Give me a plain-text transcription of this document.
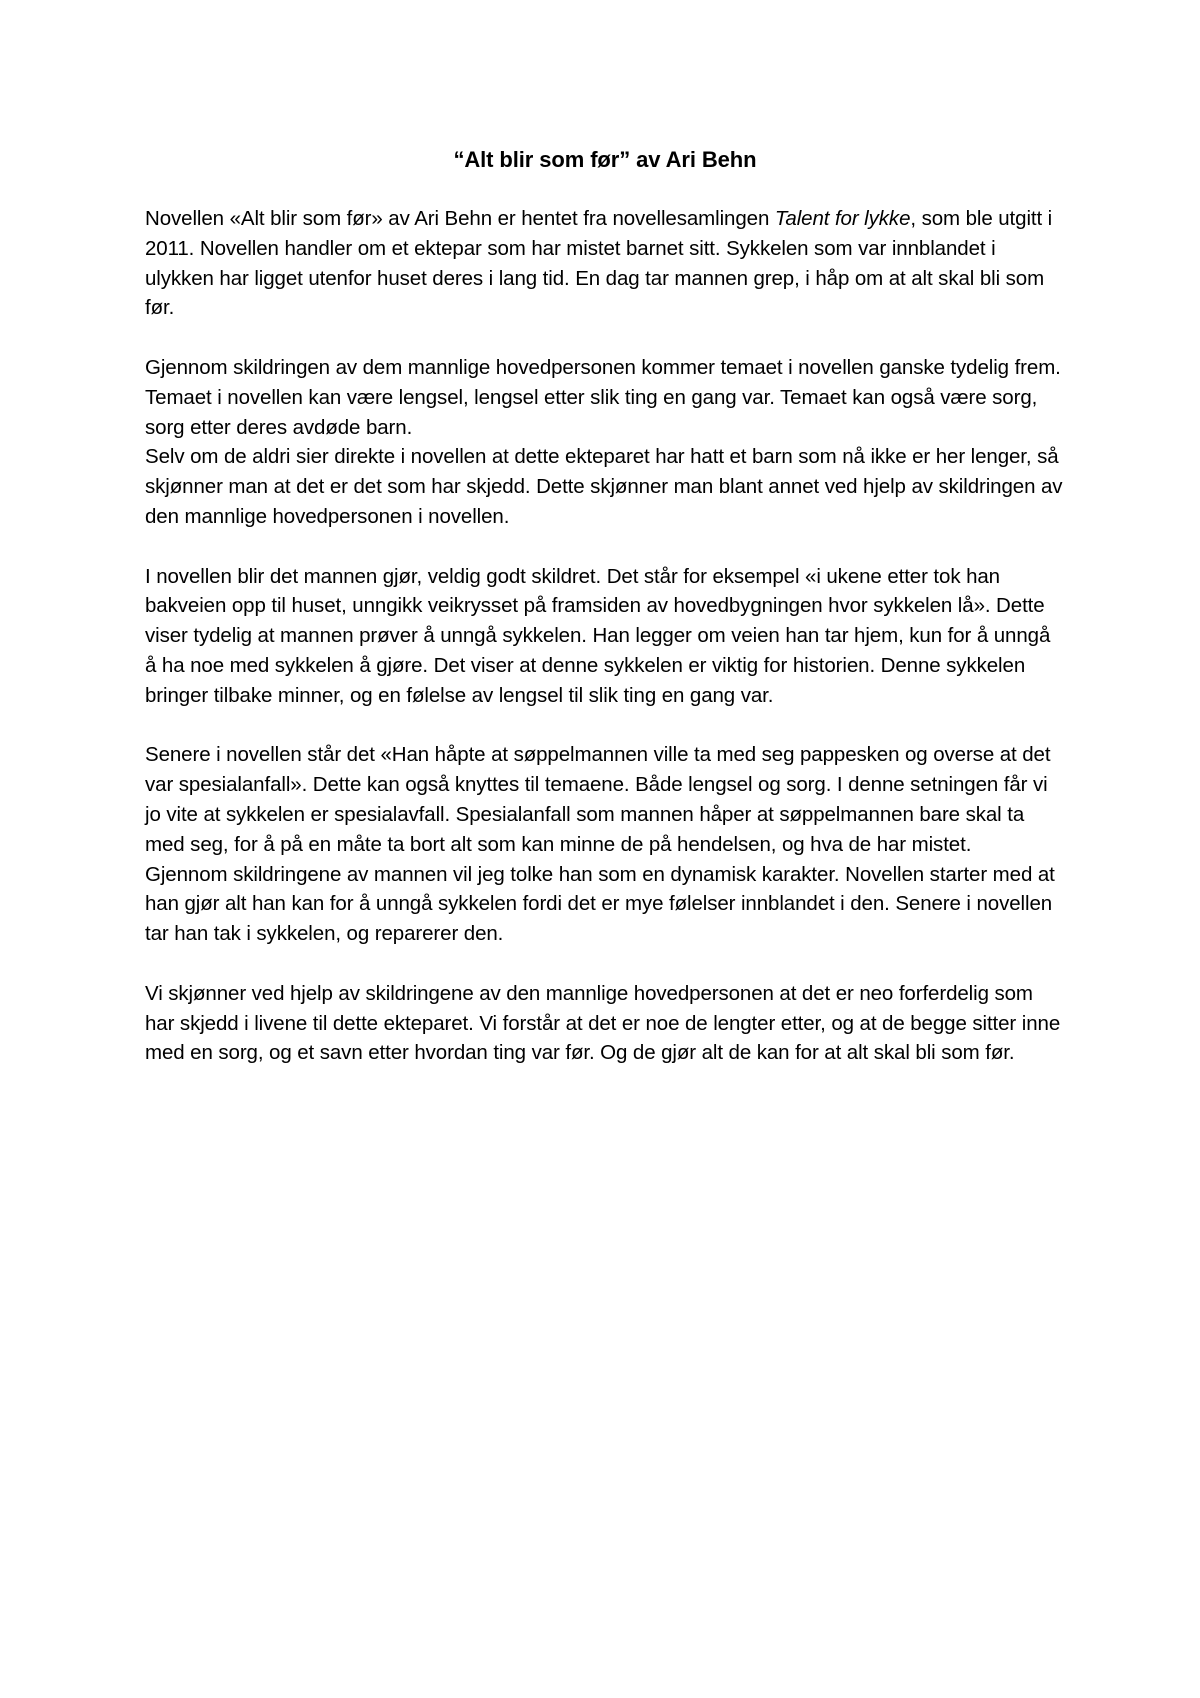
“Alt blir som før” av Ari Behn

Novellen «Alt blir som før» av Ari Behn er hentet fra novellesamlingen Talent for lykke, som ble utgitt i 2011. Novellen handler om et ektepar som har mistet barnet sitt. Sykkelen som var innblandet i ulykken har ligget utenfor huset deres i lang tid. En dag tar mannen grep, i håp om at alt skal bli som før.

Gjennom skildringen av dem mannlige hovedpersonen kommer temaet i novellen ganske tydelig frem. Temaet i novellen kan være lengsel, lengsel etter slik ting en gang var. Temaet kan også være sorg, sorg etter deres avdøde barn.

Selv om de aldri sier direkte i novellen at dette ekteparet har hatt et barn som nå ikke er her lenger, så skjønner man at det er det som har skjedd. Dette skjønner man blant annet ved hjelp av skildringen av den mannlige hovedpersonen i novellen.

I novellen blir det mannen gjør, veldig godt skildret. Det står for eksempel «i ukene etter tok han bakveien opp til huset, unngikk veikrysset på framsiden av hovedbygningen hvor sykkelen lå». Dette viser tydelig at mannen prøver å unngå sykkelen. Han legger om veien han tar hjem, kun for å unngå å ha noe med sykkelen å gjøre. Det viser at denne sykkelen er viktig for historien. Denne sykkelen bringer tilbake minner, og en følelse av lengsel til slik ting en gang var.

Senere i novellen står det «Han håpte at søppelmannen ville ta med seg pappesken og overse at det var spesialanfall». Dette kan også knyttes til temaene. Både lengsel og sorg. I denne setningen får vi jo vite at sykkelen er spesialavfall. Spesialanfall som mannen håper at søppelmannen bare skal ta med seg, for å på en måte ta bort alt som kan minne de på hendelsen, og hva de har mistet.

Gjennom skildringene av mannen vil jeg tolke han som en dynamisk karakter. Novellen starter med at han gjør alt han kan for å unngå sykkelen fordi det er mye følelser innblandet i den. Senere i novellen tar han tak i sykkelen, og reparerer den.

Vi skjønner ved hjelp av skildringene av den mannlige hovedpersonen at det er neo forferdelig som har skjedd i livene til dette ekteparet. Vi forstår at det er noe de lengter etter, og at de begge sitter inne med en sorg, og et savn etter hvordan ting var før. Og de gjør alt de kan for at alt skal bli som før.
